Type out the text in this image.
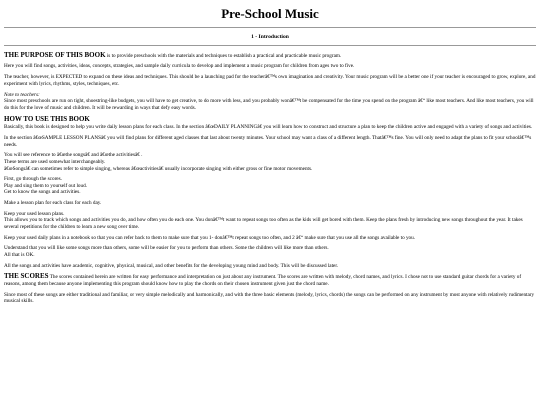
Pre-School Music
1 - Introduction

THE PURPOSE OF THIS BOOK is to provide preschools with the materials and techniques to establish a practical and practicable music program.

Here you will find songs, activities, ideas, concepts, strategies, and sample daily curricula to develop and implement a music program for children from ages two to five.

The teacher, however, is EXPECTED to expand on these ideas and techniques. This should be a launching pad for the teacherâ€™s own imagination and creativity. Your music program will be a better one if your teacher is encouraged to grow, explore, and experiment with lyrics, rhythms, styles, techniques, etc.

Note to teachers:

Since most preschools are run on tight, shoestring-like budgets, you will have to get creative, to do more with less, and you probably wonâ€™t be compensated for the time you spend on the program â€“ like most teachers. And like most teachers, you will do this for the love of music and children. It will be rewarding in ways that defy easy words.

HOW TO USE THIS BOOK

Basically, this book is designed to help you write daily lesson plans for each class. In the section â€œDAILY PLANNINGâ€ you will learn how to construct and structure a plan to keep the children active and engaged with a variety of songs and activities.

In the section â€œSAMPLE LESSON PLANSâ€ you will find plans for different aged classes that last about twenty minutes. Your school may want a class of a different length. Thatâ€™s fine. You will only need to adapt the plans to fit your schoolâ€™s needs.

You will see reference to â€œthe songsâ€ and â€œthe activitiesâ€ .

These terms are used somewhat interchangeably.

â€œSongsâ€ can sometimes refer to simple singing, whereas â€œactivitiesâ€ usually incorporate singing with either gross or fine motor movements.

First, go through the scores.

Play and sing them to yourself out loud.

Get to know the songs and activities.

Make a lesson plan for each class for each day.

Keep your used lesson plans.

This allows you to track which songs and activities you do, and how often you do each one. You donâ€™t want to repeat songs too often as the kids will get bored with them. Keep the plans fresh by introducing new songs throughout the year. It takes several repetitions for the children to learn a new song over time.

Keep your used daily plans in a notebook so that you can refer back to them to make sure that you 1- donâ€™t repeat songs too often, and 2 â€“ make sure that you use all the songs available to you.

Understand that you will like some songs more than others, some will be easier for you to perform than others. Some the children will like more than others.

All that is OK.

All the songs and activities have academic, cognitive, physical, musical, and other benefits for the developing young mind and body. This will be discussed later.

THE SCORES The scores contained herein are written for easy performance and interpretation on just about any instrument. The scores are written with melody, chord names, and lyrics. I chose not to use standard guitar chords for a variety of reasons, among them because anyone implementing this program should know how to play the chords on their chosen instrument given just the chord name.

Since most of these songs are either traditional and familiar, or very simple melodically and harmonically, and with the three basic elements (melody, lyrics, chords) the songs can be performed on any instrument by most anyone with relatively rudimentary musical skills.
